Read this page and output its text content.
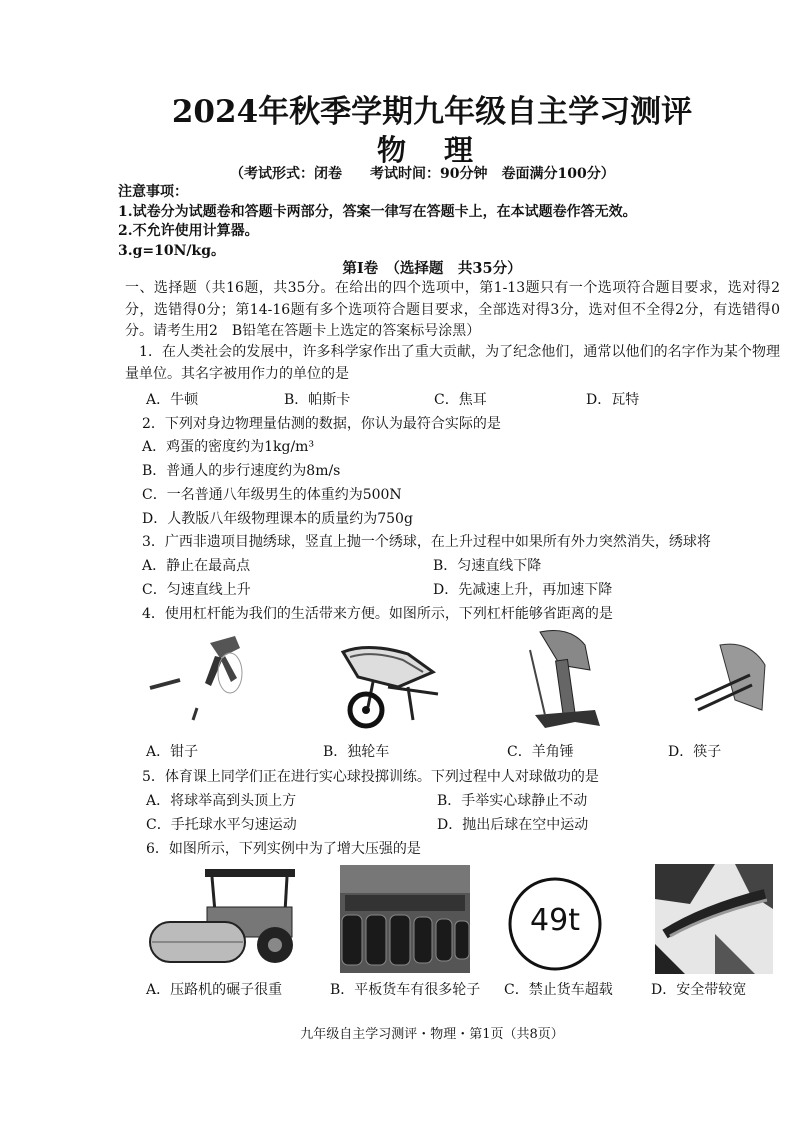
2024年秋季学期九年级自主学习测评
物 理
（考试形式：闭卷　　考试时间：90分钟　卷面满分100分）
注意事项：
1.试卷分为试题卷和答题卡两部分，答案一律写在答题卡上，在本试题卷作答无效。
2.不允许使用计算器。
3.g=10N/kg。
第Ⅰ卷　（选择题　共35分）
一、选择题（共16题，共35分。在给出的四个选项中，第1-13题只有一个选项符合题目要求，选对得2分，选错得0分；第14-16题有多个选项符合题目要求，全部选对得3分，选对但不全得2分，有选错得0分。请考生用2　B铅笔在答题卡上选定的答案标号涂黑）
1．在人类社会的发展中，许多科学家作出了重大贡献，为了纪念他们，通常以他们的名字作为某个物理量单位。其名字被用作力的单位的是
A．牛顿	B．帕斯卡	C．焦耳	D．瓦特
2．下列对身边物理量估测的数据，你认为最符合实际的是
A．鸡蛋的密度约为1kg/m³
B．普通人的步行速度约为8m/s
C．一名普通八年级男生的体重约为500N
D．人教版八年级物理课本的质量约为750g
3．广西非遗项目抛绣球，竖直上抛一个绣球，在上升过程中如果所有外力突然消失，绣球将
A．静止在最高点	B．匀速直线下降
C．匀速直线上升	D．先减速上升，再加速下降
4．使用杠杆能为我们的生活带来方便。如图所示，下列杠杆能够省距离的是
A．钳子	B．独轮车	C．羊角锤	D．筷子
5．体育课上同学们正在进行实心球投掷训练。下列过程中人对球做功的是
A．将球举高到头顶上方	B．手举实心球静止不动
C．手托球水平匀速运动	D．抛出后球在空中运动
6．如图所示，下列实例中为了增大压强的是
49t
A．压路机的碾子很重	B．平板货车有很多轮子 C．禁止货车超载	D．安全带较宽
九年级自主学习测评・物理・第1页（共8页）
